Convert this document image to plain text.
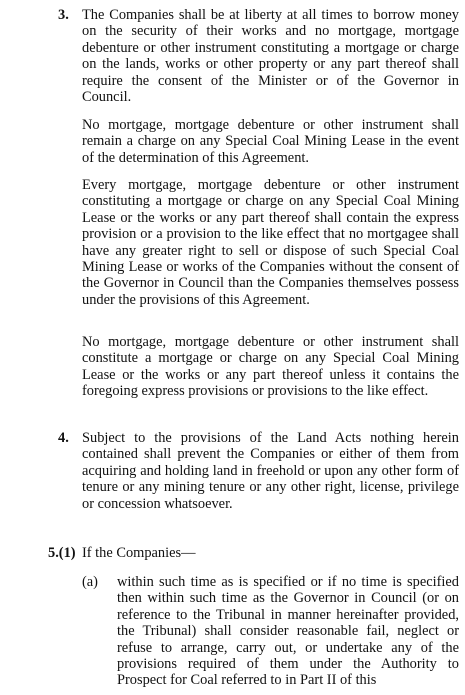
3. The Companies shall be at liberty at all times to borrow money on the security of their works and no mortgage, mortgage debenture or other instrument constituting a mortgage or charge on the lands, works or other property or any part thereof shall require the consent of the Minister or of the Governor in Council.

No mortgage, mortgage debenture or other instrument shall remain a charge on any Special Coal Mining Lease in the event of the determination of this Agreement.

Every mortgage, mortgage debenture or other instrument constituting a mortgage or charge on any Special Coal Mining Lease or the works or any part thereof shall contain the express provision or a provision to the like effect that no mortgagee shall have any greater right to sell or dispose of such Special Coal Mining Lease or works of the Companies without the consent of the Governor in Council than the Companies themselves possess under the provisions of this Agreement.

No mortgage, mortgage debenture or other instrument shall constitute a mortgage or charge on any Special Coal Mining Lease or the works or any part thereof unless it contains the foregoing express provisions or provisions to the like effect.

4. Subject to the provisions of the Land Acts nothing herein contained shall prevent the Companies or either of them from acquiring and holding land in freehold or upon any other form of tenure or any mining tenure or any other right, license, privilege or concession whatsoever.

5.(1) If the Companies—
(a) within such time as is specified or if no time is specified then within such time as the Governor in Council (or on reference to the Tribunal in manner hereinafter provided, the Tribunal) shall consider reasonable fail, neglect or refuse to arrange, carry out, or undertake any of the provisions required of them under the Authority to Prospect for Coal referred to in Part II of this
